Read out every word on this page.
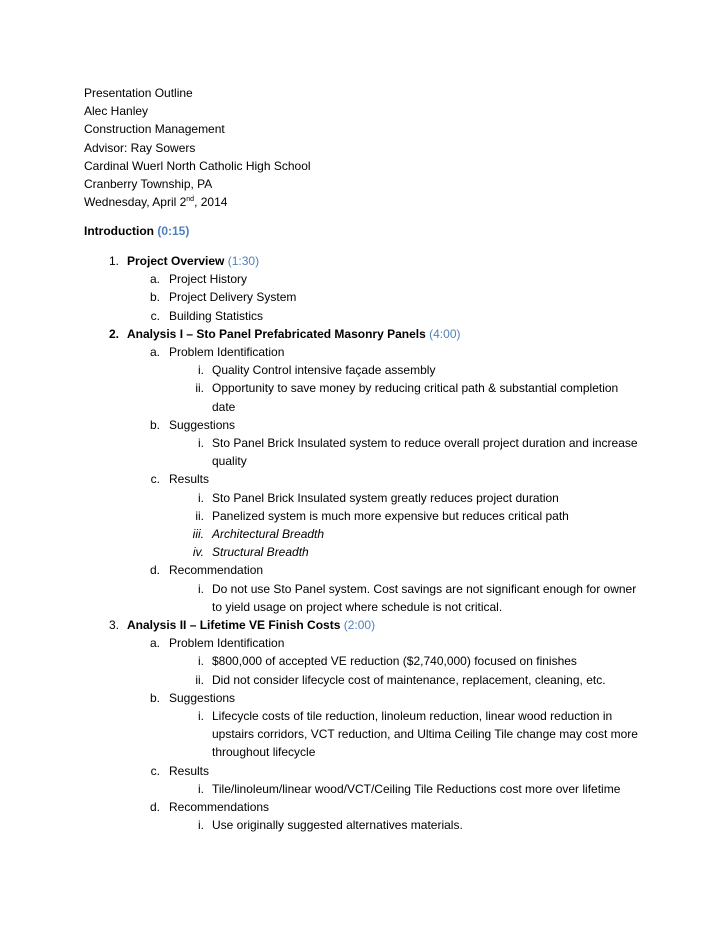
Presentation Outline
Alec Hanley
Construction Management
Advisor: Ray Sowers
Cardinal Wuerl North Catholic High School
Cranberry Township, PA
Wednesday, April 2nd, 2014
Introduction (0:15)
1. Project Overview (1:30)
a. Project History
b. Project Delivery System
c. Building Statistics
2. Analysis I – Sto Panel Prefabricated Masonry Panels (4:00)
a. Problem Identification
i. Quality Control intensive façade assembly
ii. Opportunity to save money by reducing critical path & substantial completion date
b. Suggestions
i. Sto Panel Brick Insulated system to reduce overall project duration and increase quality
c. Results
i. Sto Panel Brick Insulated system greatly reduces project duration
ii. Panelized system is much more expensive but reduces critical path
iii. Architectural Breadth
iv. Structural Breadth
d. Recommendation
i. Do not use Sto Panel system. Cost savings are not significant enough for owner to yield usage on project where schedule is not critical.
3. Analysis II – Lifetime VE Finish Costs (2:00)
a. Problem Identification
i. $800,000 of accepted VE reduction ($2,740,000) focused on finishes
ii. Did not consider lifecycle cost of maintenance, replacement, cleaning, etc.
b. Suggestions
i. Lifecycle costs of tile reduction, linoleum reduction, linear wood reduction in upstairs corridors, VCT reduction, and Ultima Ceiling Tile change may cost more throughout lifecycle
c. Results
i. Tile/linoleum/linear wood/VCT/Ceiling Tile Reductions cost more over lifetime
d. Recommendations
i. Use originally suggested alternatives materials.
